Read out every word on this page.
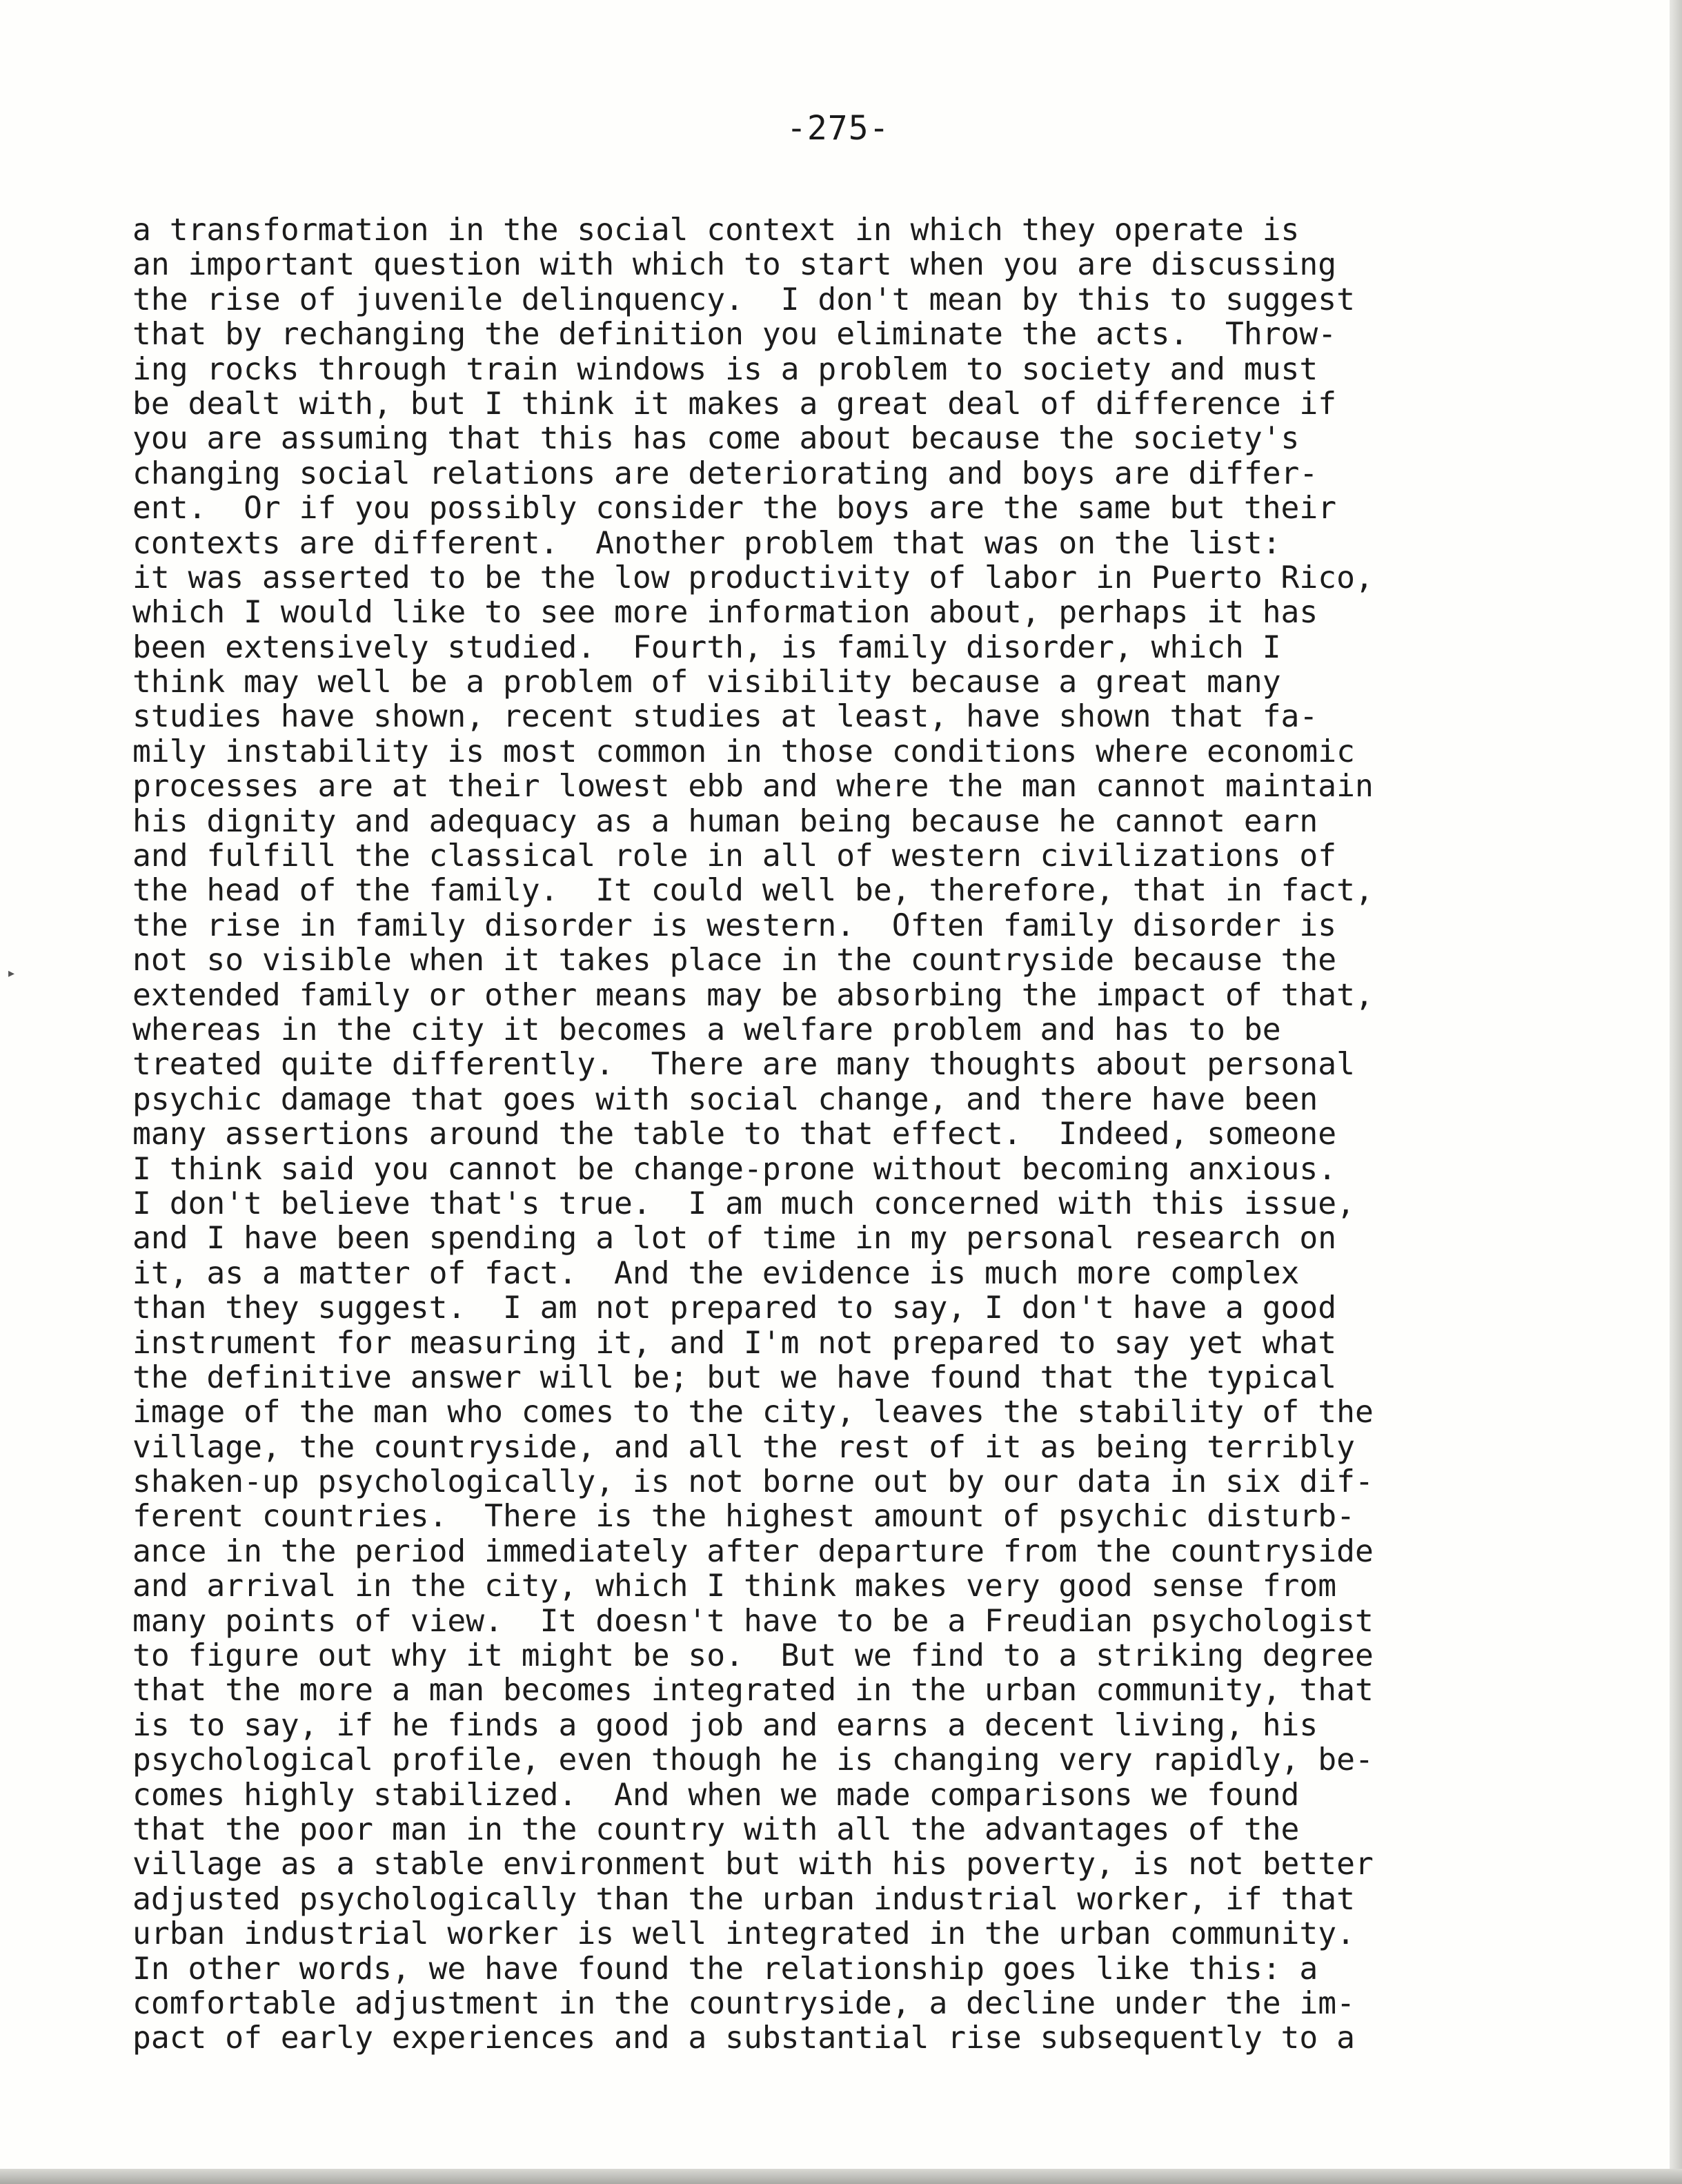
-275-
▸
a transformation in the social context in which they operate is
an important question with which to start when you are discussing
the rise of juvenile delinquency.  I don't mean by this to suggest
that by rechanging the definition you eliminate the acts.  Throw-
ing rocks through train windows is a problem to society and must
be dealt with, but I think it makes a great deal of difference if
you are assuming that this has come about because the society's
changing social relations are deteriorating and boys are differ-
ent.  Or if you possibly consider the boys are the same but their
contexts are different.  Another problem that was on the list:
it was asserted to be the low productivity of labor in Puerto Rico,
which I would like to see more information about, perhaps it has
been extensively studied.  Fourth, is family disorder, which I
think may well be a problem of visibility because a great many
studies have shown, recent studies at least, have shown that fa-
mily instability is most common in those conditions where economic
processes are at their lowest ebb and where the man cannot maintain
his dignity and adequacy as a human being because he cannot earn
and fulfill the classical role in all of western civilizations of
the head of the family.  It could well be, therefore, that in fact,
the rise in family disorder is western.  Often family disorder is
not so visible when it takes place in the countryside because the
extended family or other means may be absorbing the impact of that,
whereas in the city it becomes a welfare problem and has to be
treated quite differently.  There are many thoughts about personal
psychic damage that goes with social change, and there have been
many assertions around the table to that effect.  Indeed, someone
I think said you cannot be change-prone without becoming anxious.
I don't believe that's true.  I am much concerned with this issue,
and I have been spending a lot of time in my personal research on
it, as a matter of fact.  And the evidence is much more complex
than they suggest.  I am not prepared to say, I don't have a good
instrument for measuring it, and I'm not prepared to say yet what
the definitive answer will be; but we have found that the typical
image of the man who comes to the city, leaves the stability of the
village, the countryside, and all the rest of it as being terribly
shaken-up psychologically, is not borne out by our data in six dif-
ferent countries.  There is the highest amount of psychic disturb-
ance in the period immediately after departure from the countryside
and arrival in the city, which I think makes very good sense from
many points of view.  It doesn't have to be a Freudian psychologist
to figure out why it might be so.  But we find to a striking degree
that the more a man becomes integrated in the urban community, that
is to say, if he finds a good job and earns a decent living, his
psychological profile, even though he is changing very rapidly, be-
comes highly stabilized.  And when we made comparisons we found
that the poor man in the country with all the advantages of the
village as a stable environment but with his poverty, is not better
adjusted psychologically than the urban industrial worker, if that
urban industrial worker is well integrated in the urban community.
In other words, we have found the relationship goes like this: a
comfortable adjustment in the countryside, a decline under the im-
pact of early experiences and a substantial rise subsequently to a
